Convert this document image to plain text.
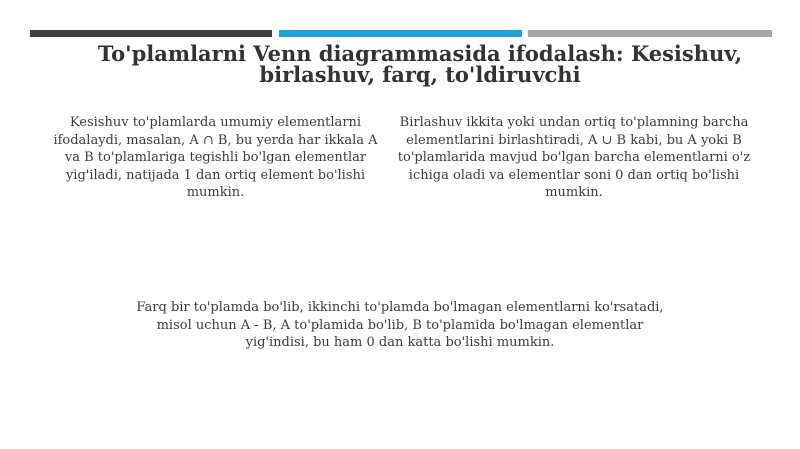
To'plamlarni Venn diagrammasida ifodalash: Kesishuv, birlashuv, farq, to'ldiruvchi
Kesishuv to'plamlarda umumiy elementlarni ifodalaydi, masalan, A ∩ B, bu yerda har ikkala A va B to'plamlariga tegishli bo'lgan elementlar yig'iladi, natijada 1 dan ortiq element bo'lishi mumkin.
Birlashuv ikkita yoki undan ortiq to'plamning barcha elementlarini birlashtiradi, A ∪ B kabi, bu A yoki B to'plamlarida mavjud bo'lgan barcha elementlarni o'z ichiga oladi va elementlar soni 0 dan ortiq bo'lishi mumkin.
Farq bir to'plamda bo'lib, ikkinchi to'plamda bo'lmagan elementlarni ko'rsatadi, misol uchun A - B, A to'plamida bo'lib, B to'plamida bo'lmagan elementlar yig'indisi, bu ham 0 dan katta bo'lishi mumkin.
